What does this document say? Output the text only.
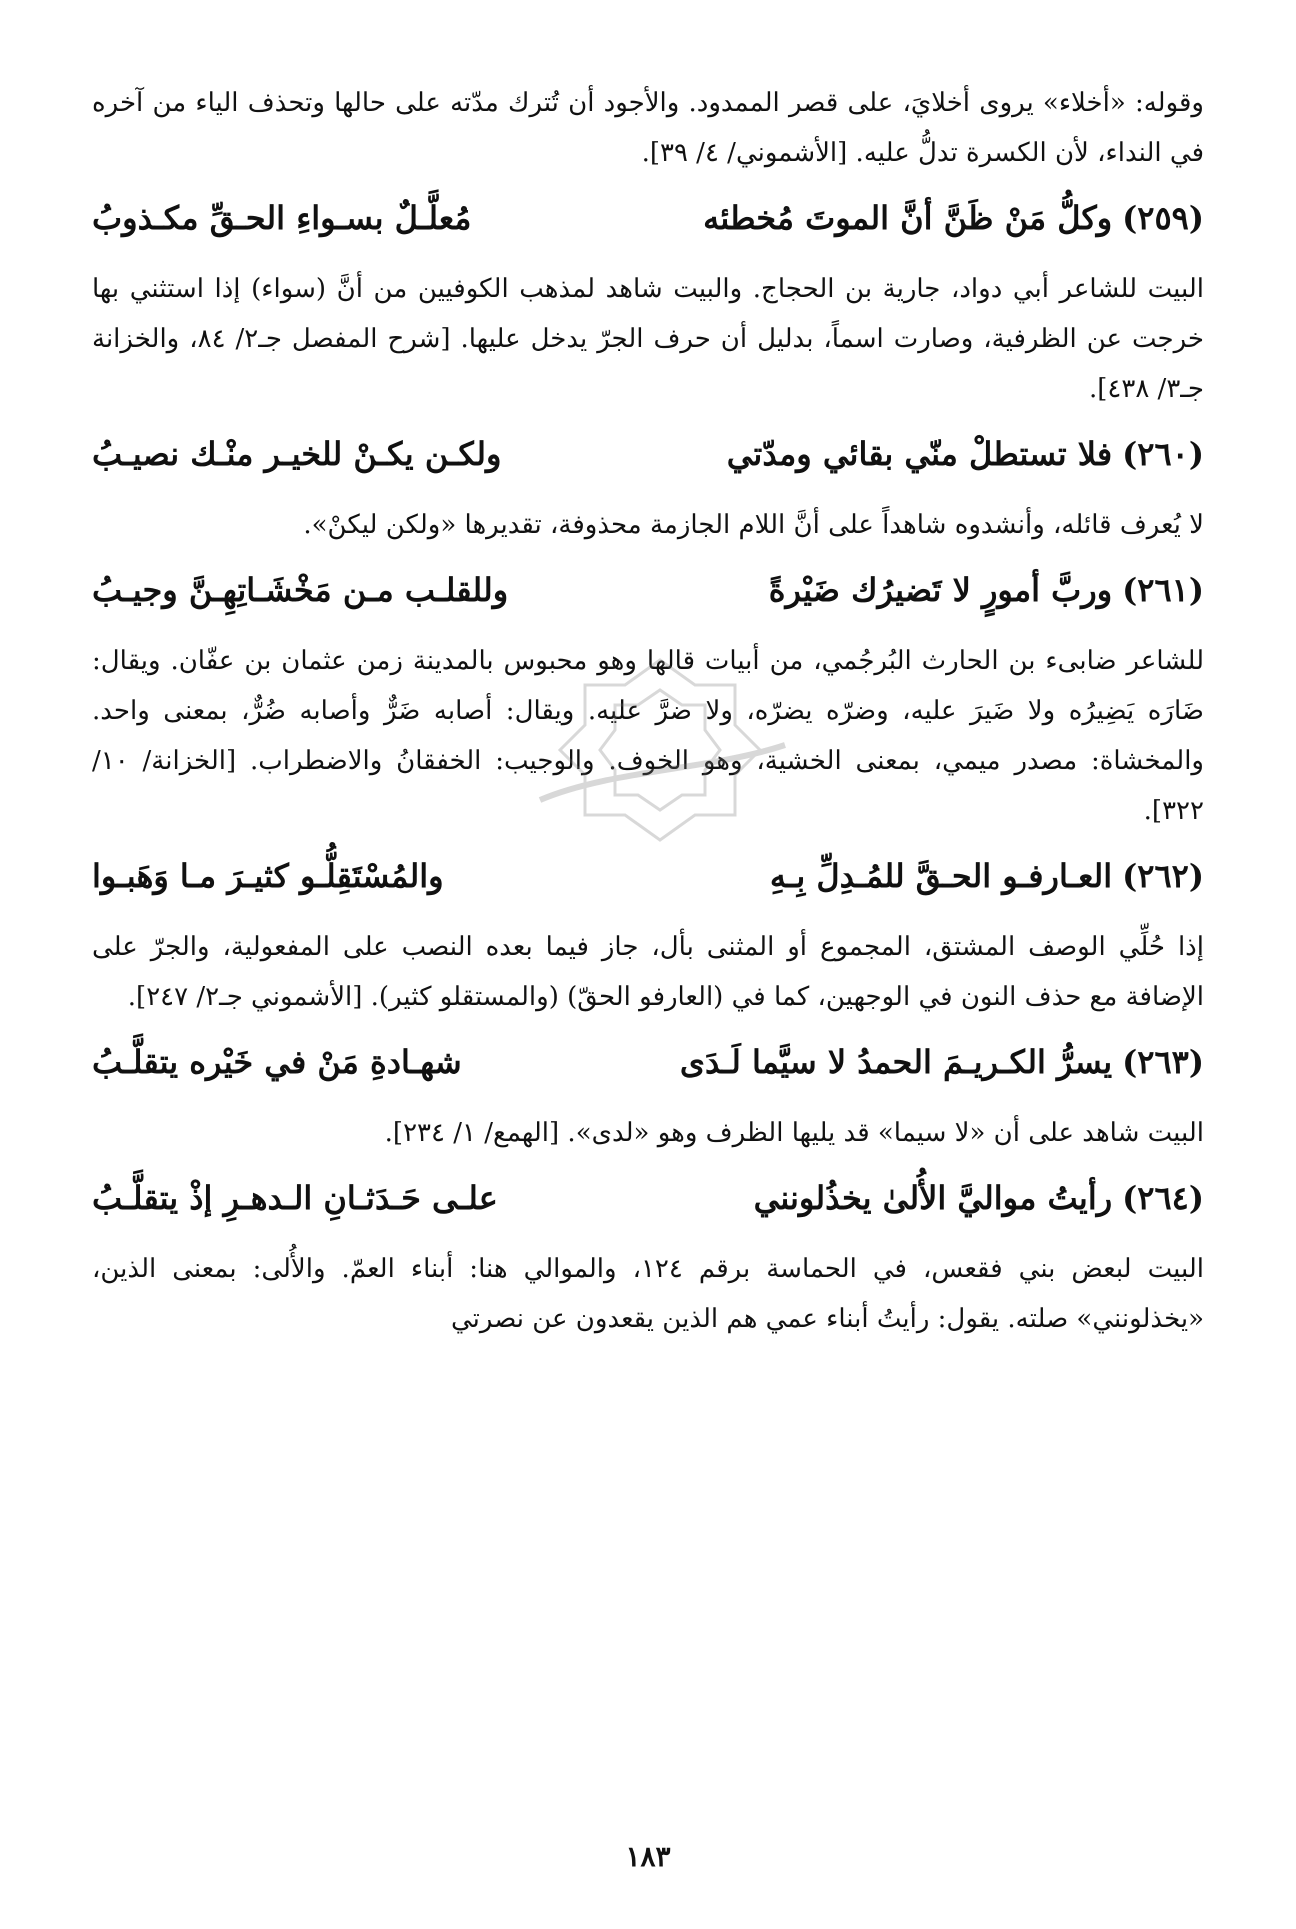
وقوله: «أخلاء» يروى أخلايَ، على قصر الممدود. والأجود أن تُترك مدّته على حالها وتحذف الياء من آخره في النداء، لأن الكسرة تدلُّ عليه. [الأشموني/ ٤/ ٣٩].

(٢٥٩)
وكلُّ مَنْ ظَنَّ أنَّ الموتَ مُخطئه
مُعلَّـلٌ بسـواءِ الحـقِّ مكـذوبُ

البيت للشاعر أبي دواد، جارية بن الحجاج. والبيت شاهد لمذهب الكوفيين من أنَّ (سواء) إذا استثني بها خرجت عن الظرفية، وصارت اسماً، بدليل أن حرف الجرّ يدخل عليها. [شرح المفصل جـ٢/ ٨٤، والخزانة جـ٣/ ٤٣٨].

(٢٦٠)
فلا تستطلْ منّي بقائي ومدّتي
ولكـن يكـنْ للخيـر منْـك نصيـبُ

لا يُعرف قائله، وأنشدوه شاهداً على أنَّ اللام الجازمة محذوفة، تقديرها «ولكن ليكنْ».

(٢٦١)
وربَّ أمورٍ لا تَضيرُك ضَيْرةً
وللقلـب مـن مَخْشَـاتِهِـنَّ وجيـبُ

للشاعر ضابىء بن الحارث البُرجُمي، من أبيات قالها وهو محبوس بالمدينة زمن عثمان بن عفّان. ويقال: ضَارَه يَضِيرُه ولا ضَيرَ عليه، وضرّه يضرّه، ولا ضرَّ عليه. ويقال: أصابه ضَرٌّ وأصابه ضُرٌّ، بمعنى واحد. والمخشاة: مصدر ميمي، بمعنى الخشية، وهو الخوف. والوجيب: الخفقانُ والاضطراب. [الخزانة/ ١٠/ ٣٢٢].

(٢٦٢)
العـارفـو الحـقَّ للمُـدِلِّ بِـهِ
والمُسْتَقِلُّـو كثيـرَ مـا وَهَبـوا

إذا حُلِّي الوصف المشتق، المجموع أو المثنى بأل، جاز فيما بعده النصب على المفعولية، والجرّ على الإضافة مع حذف النون في الوجهين، كما في (العارفو الحقّ) (والمستقلو كثير). [الأشموني جـ٢/ ٢٤٧].

(٢٦٣)
يسرُّ الكـريـمَ الحمدُ لا سيَّما لَـدَى
شهـادةِ مَنْ في خَيْره يتقلَّـبُ

البيت شاهد على أن «لا سيما» قد يليها الظرف وهو «لدى». [الهمع/ ١/ ٢٣٤].

(٢٦٤)
رأيتُ مواليَّ الأُلىٰ يخذُلونني
علـى حَـدَثـانِ الـدهـرِ إذْ يتقلَّـبُ

البيت لبعض بني فقعس، في الحماسة برقم ١٢٤، والموالي هنا: أبناء العمّ. والأُلى: بمعنى الذين، «يخذلونني» صلته. يقول: رأيتُ أبناء عمي هم الذين يقعدون عن نصرتي

١٨٣
